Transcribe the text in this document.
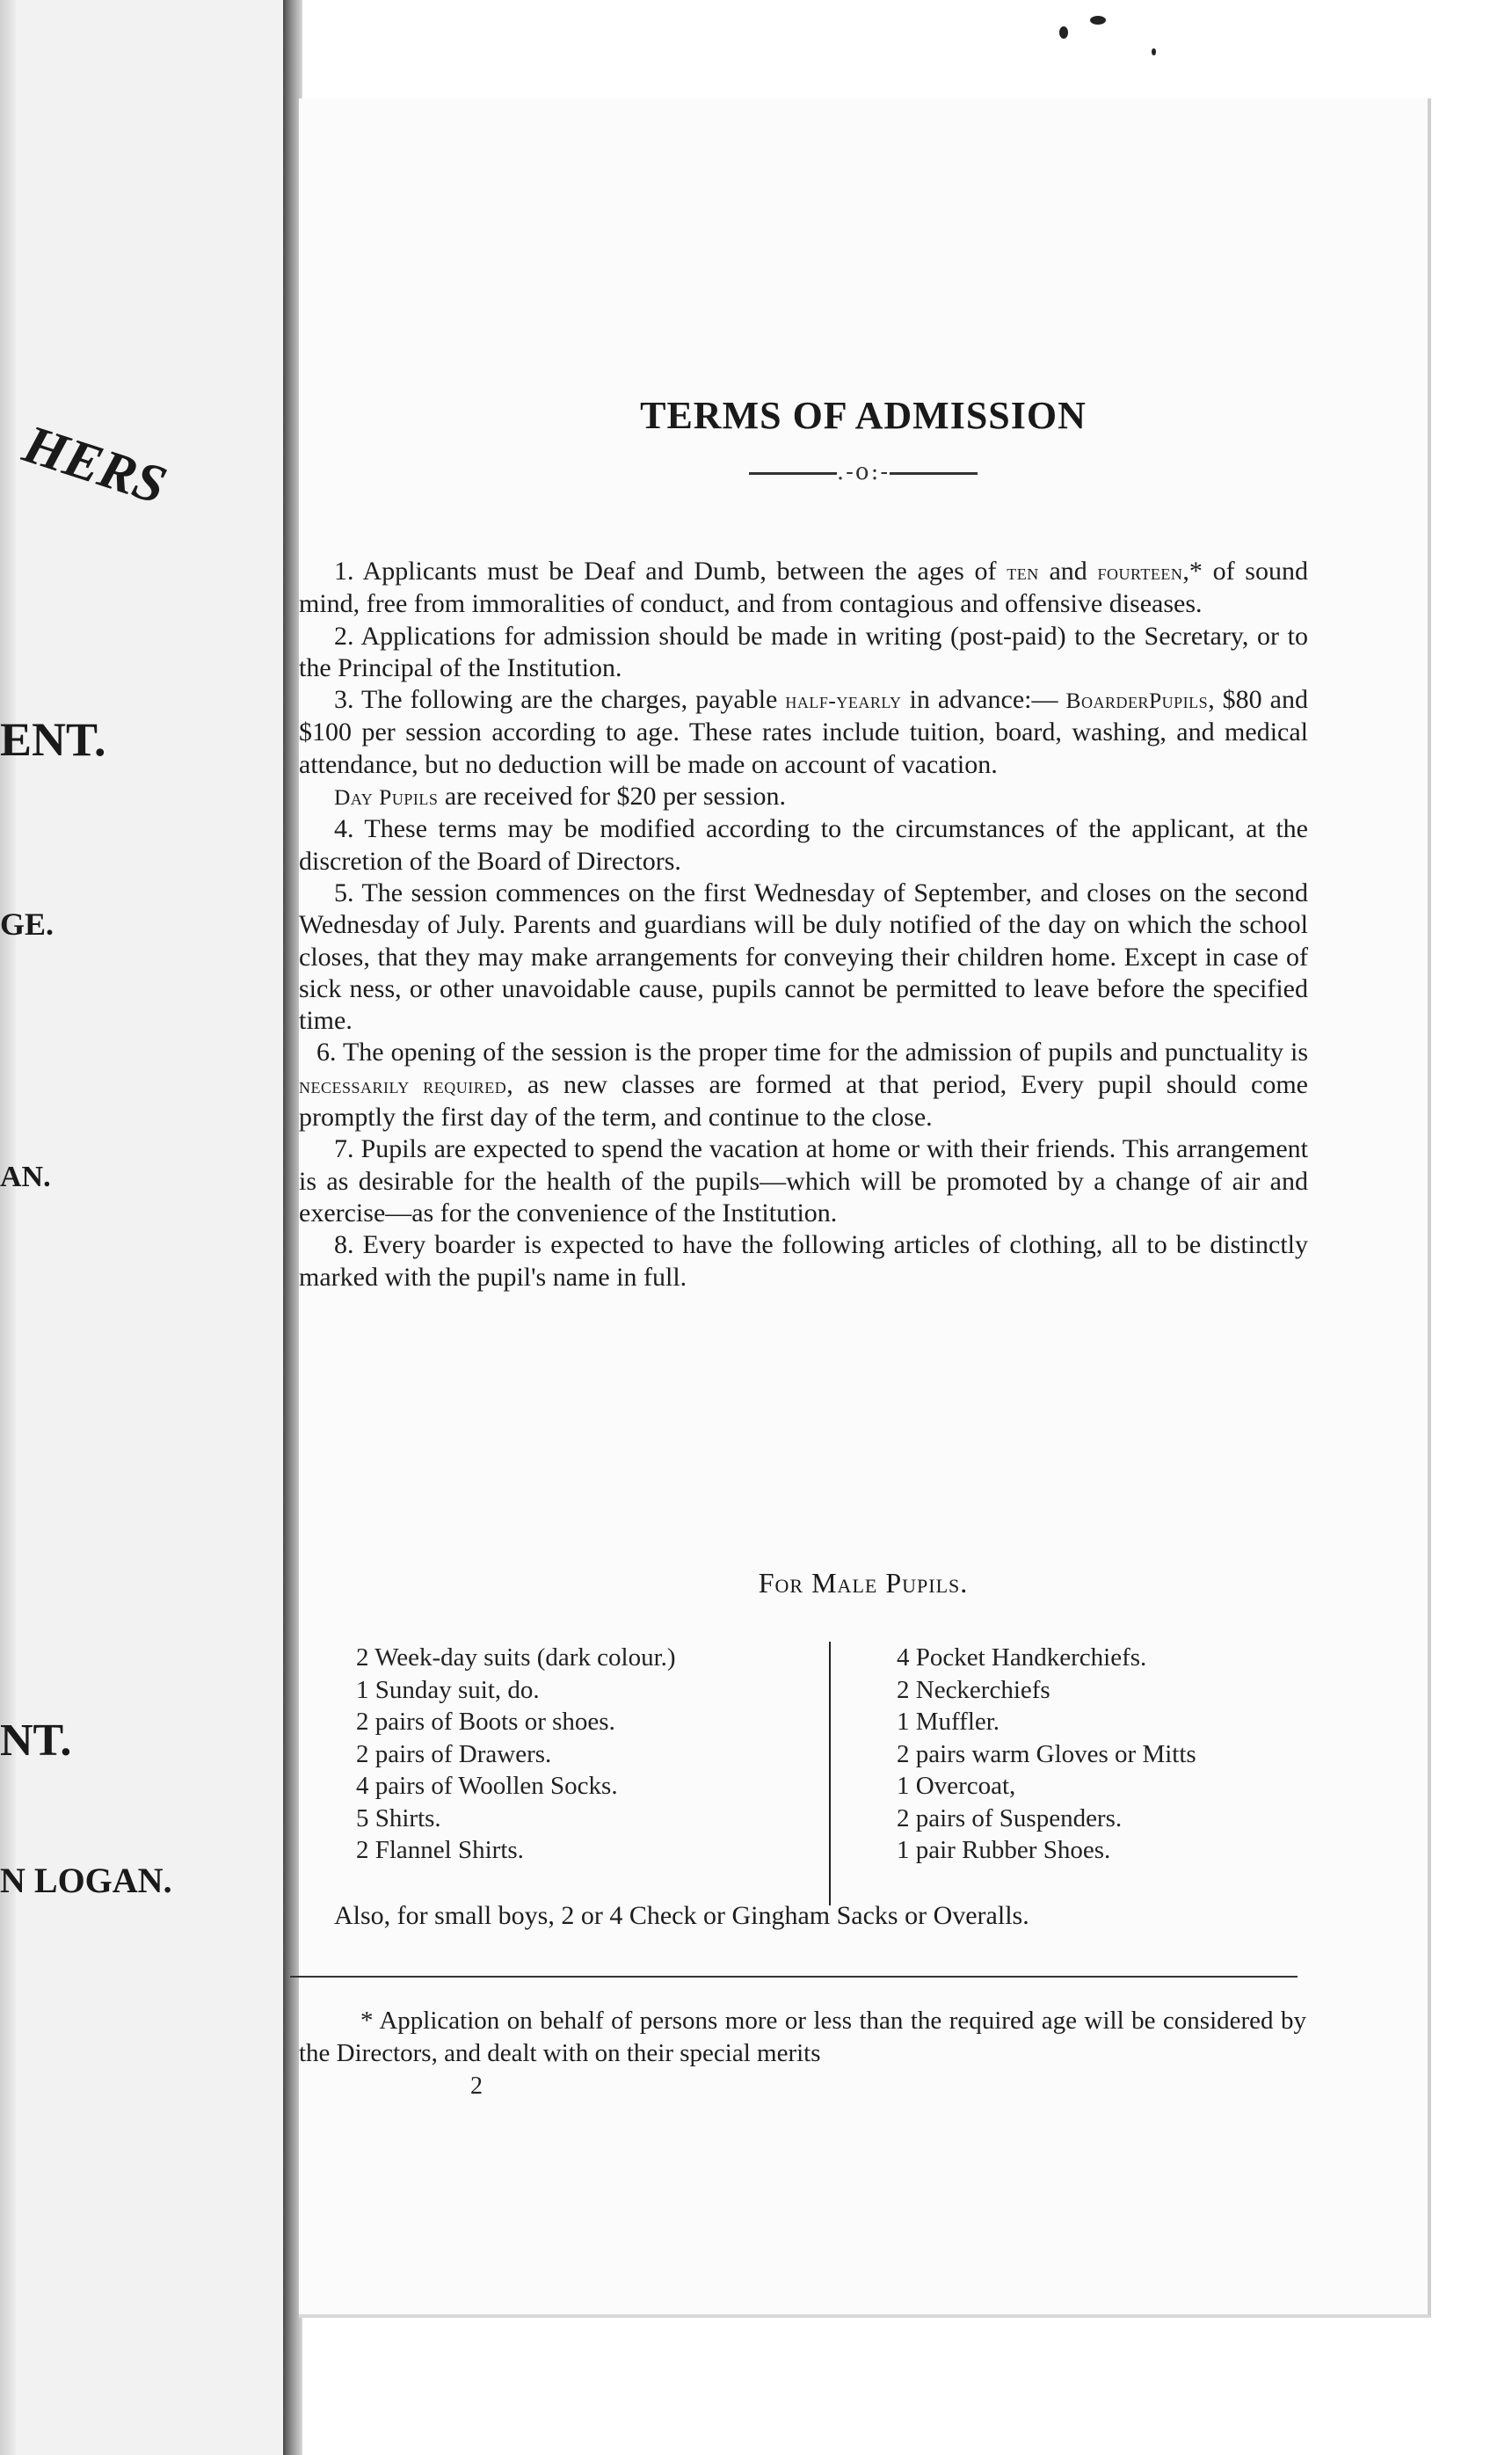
HERS
ENT.
GE.
AN.
NT.
N LOGAN.
TERMS OF ADMISSION
.-o:-

1. Applicants must be Deaf and Dumb, between the ages of ten and fourteen,* of sound mind, free from immoralities of conduct, and from contagious and offensive diseases.

2. Applications for admission should be made in writing (post-paid) to the Secretary, or to the Principal of the Institution.

3. The following are the charges, payable half-yearly in advance:— BoarderPupils, $80 and $100 per session according to age. These rates include tuition, board, washing, and medical attendance, but no deduction will be made on account of vacation.

Day Pupils are received for $20 per session.

4. These terms may be modified according to the circumstances of the applicant, at the discretion of the Board of Directors.

5. The session commences on the first Wednesday of September, and closes on the second Wednesday of July. Parents and guardians will be duly notified of the day on which the school closes, that they may make arrangements for conveying their children home. Except in case of sick ness, or other unavoidable cause, pupils cannot be permitted to leave before the specified time.

6. The opening of the session is the proper time for the admission of pupils and punctuality is necessarily required, as new classes are formed at that period, Every pupil should come promptly the first day of the term, and continue to the close.

7. Pupils are expected to spend the vacation at home or with their friends. This arrangement is as desirable for the health of the pupils—which will be promoted by a change of air and exercise—as for the convenience of the Institution.

8. Every boarder is expected to have the following articles of clothing, all to be distinctly marked with the pupil's name in full.

For Male Pupils.
2 Week-day suits (dark colour.)
1 Sunday suit, do.
2 pairs of Boots or shoes.
2 pairs of Drawers.
4 pairs of Woollen Socks.
5 Shirts.
2 Flannel Shirts.
4 Pocket Handkerchiefs.
2 Neckerchiefs
1 Muffler.
2 pairs warm Gloves or Mitts
1 Overcoat,
2 pairs of Suspenders.
1 pair Rubber Shoes.
Also, for small boys, 2 or 4 Check or Gingham Sacks or Overalls.
* Application on behalf of persons more or less than the required age will be considered by the Directors, and dealt with on their special merits
2
